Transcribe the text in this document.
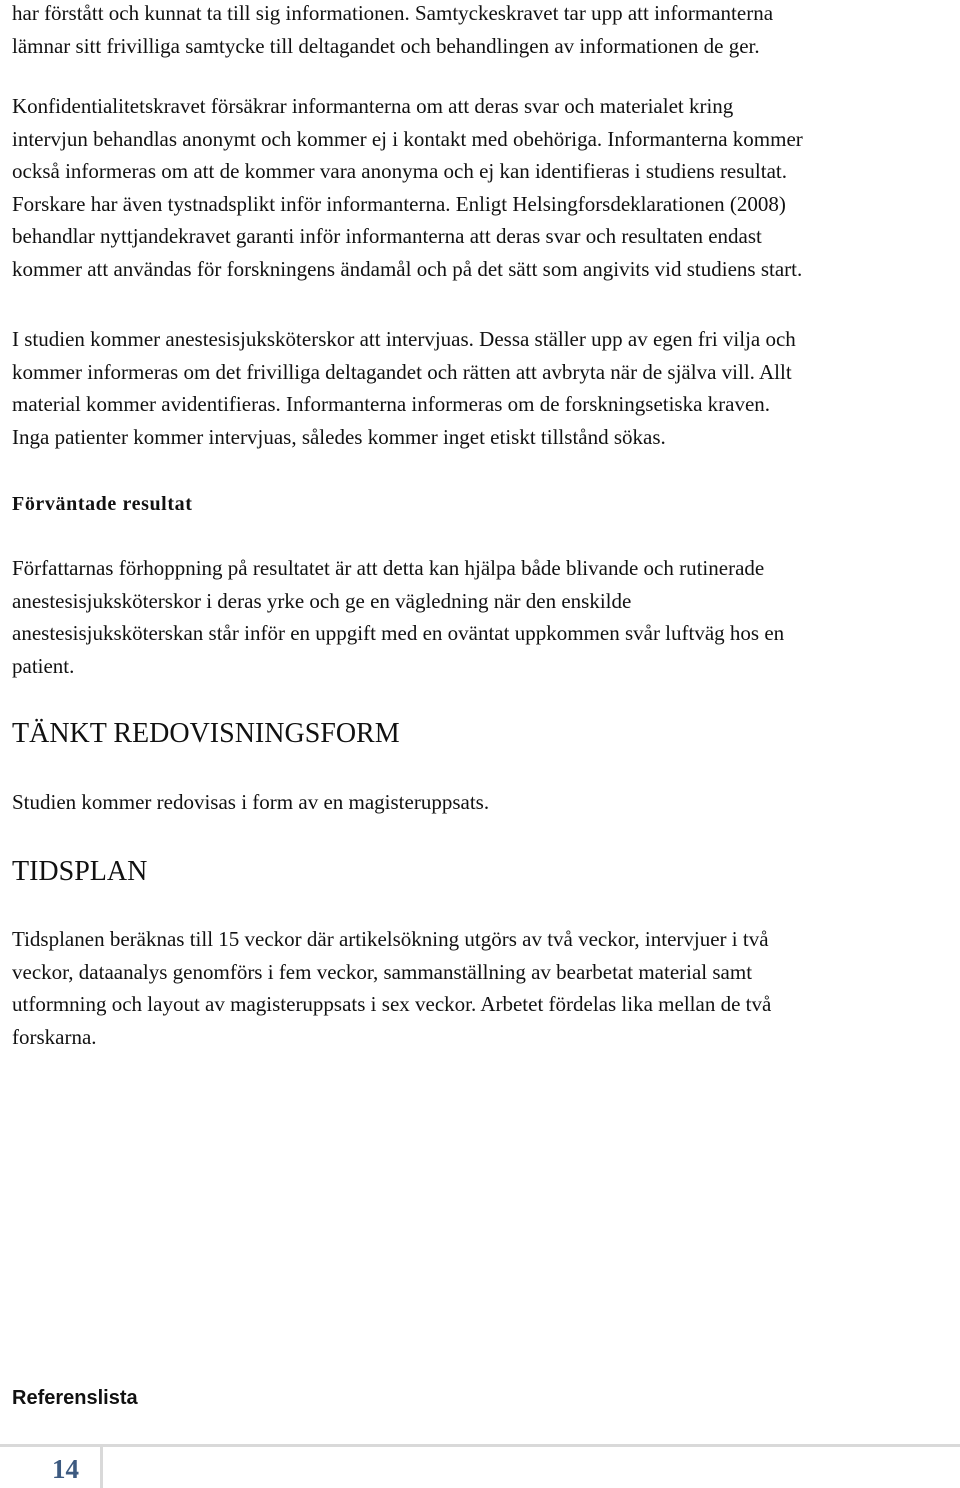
har förstått och kunnat ta till sig informationen. Samtyckeskravet tar upp att informanterna
lämnar sitt frivilliga samtycke till deltagandet och behandlingen av informationen de ger.

Konfidentialitetskravet försäkrar informanterna om att deras svar och materialet kring
intervjun behandlas anonymt och kommer ej i kontakt med obehöriga. Informanterna kommer
också informeras om att de kommer vara anonyma och ej kan identifieras i studiens resultat.
Forskare har även tystnadsplikt inför informanterna. Enligt Helsingforsdeklarationen (2008)
behandlar nyttjandekravet garanti inför informanterna att deras svar och resultaten endast
kommer att användas för forskningens ändamål och på det sätt som angivits vid studiens start.

I studien kommer anestesisjuksköterskor att intervjuas. Dessa ställer upp av egen fri vilja och
kommer informeras om det frivilliga deltagandet och rätten att avbryta när de själva vill. Allt
material kommer avidentifieras. Informanterna informeras om de forskningsetiska kraven.
Inga patienter kommer intervjuas, således kommer inget etiskt tillstånd sökas.

Förväntade resultat

Författarnas förhoppning på resultatet är att detta kan hjälpa både blivande och rutinerade
anestesisjuksköterskor i deras yrke och ge en vägledning när den enskilde
anestesisjuksköterskan står inför en uppgift med en oväntat uppkommen svår luftväg hos en
patient.

TÄNKT REDOVISNINGSFORM

Studien kommer redovisas i form av en magisteruppsats.

TIDSPLAN

Tidsplanen beräknas till 15 veckor där artikelsökning utgörs av två veckor, intervjuer i två
veckor, dataanalys genomförs i fem veckor, sammanställning av bearbetat material samt
utformning och layout av magisteruppsats i sex veckor. Arbetet fördelas lika mellan de två
forskarna.

Referenslista
14
